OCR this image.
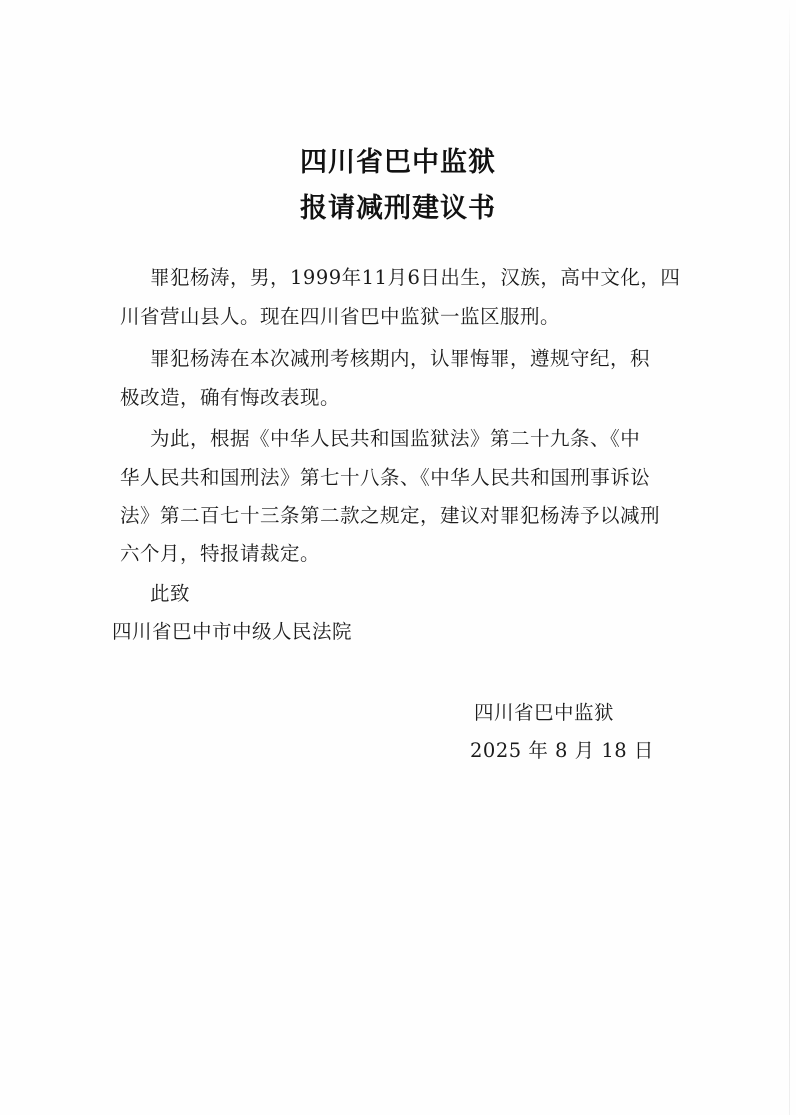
四川省巴中监狱
报请减刑建议书
罪犯杨涛，男，1999年11月6日出生，汉族，高中文化，四
川省营山县人。现在四川省巴中监狱一监区服刑。
罪犯杨涛在本次减刑考核期内，认罪悔罪，遵规守纪，积
极改造，确有悔改表现。
为此，根据《中华人民共和国监狱法》第二十九条、《中
华人民共和国刑法》第七十八条、《中华人民共和国刑事诉讼
法》第二百七十三条第二款之规定，建议对罪犯杨涛予以减刑
六个月，特报请裁定。
此致
四川省巴中市中级人民法院
四川省巴中监狱
2025 年 8 月 18 日
